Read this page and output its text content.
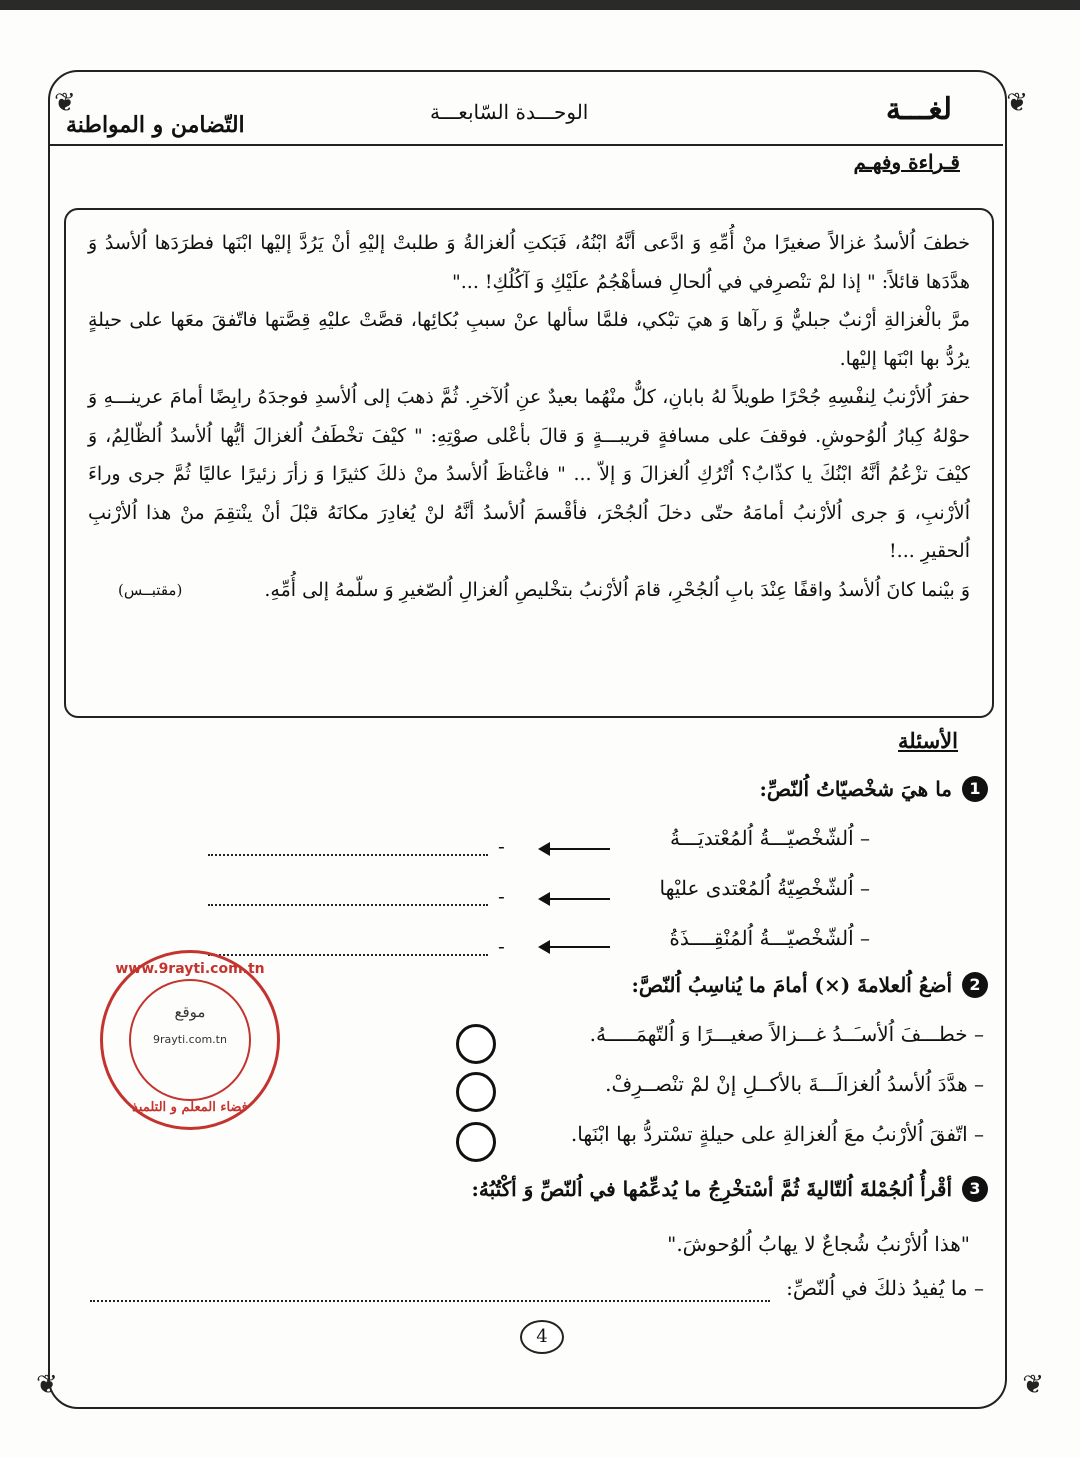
❦	❦
❦	❦
لغـــة
الوحـــدة السّابعـــة
التّضامن و المواطنة
قـراءة وفهـم

خطفَ اُلأسدُ غزالاً صغيرًا منْ أُمِّهِ وَ ادَّعى أنَّهُ ابْنُهُ، فَبَكتِ اُلغزالةُ وَ طلبتْ إليْهِ أنْ يَرُدَّ إليْها ابْنَها فطرَدَها اُلأسدُ وَ هدَّدَها قائلاً: " إذا لمْ تنْصرِفي في اُلحالِ فسأهْجُمُ علَيْكِ وَ آكُلُكِ! ..."

مرَّ بالْغزالةِ أرْنبٌ جبليٌّ وَ رآها وَ هيَ تبْكي، فلمَّا سألها عنْ سببِ بُكائِها، قصَّتْ عليْهِ قِصَّتها فاتّفقَ معَها على حيلةٍ يرُدُّ بها ابْنَها إليْها.

حفرَ اُلأرْنبُ لِنفْسِهِ جُحْرًا طويلاً لهُ بابانِ، كلٌّ منْهُما بعيدٌ عنِ اُلآخرِ. ثُمَّ ذهبَ إلى اُلأسدِ فوجدَهُ رابِضًا أمامَ عرينـــهِ وَ حوْلهُ كِبارُ اُلوُحوشِ. فوقفَ على مسافةٍ قريبـــةٍ وَ قالَ بأعْلى صوْتِهِ: " كيْفَ تخْطَفُ اُلغزالَ أيُّها اُلأسدُ اُلظّالِمُ، وَ كيْفَ تزْعُمُ أنَّهُ ابْنُكَ يا كذّابُ؟ اُتْرُكِ اُلغزالَ وَ إلاّ ... " فاغْتاظَ اُلأسدُ منْ ذلكَ كثيرًا وَ زأرَ زئيرًا عاليًا ثُمَّ جرى وراءَ اُلأرْنبِ، وَ جرى اُلأرْنبُ أمامَهُ حتّى دخلَ اُلجُحْرَ، فأقْسمَ اُلأسدُ أنَّهُ لنْ يُغادِرَ مكانَهُ قبْلَ أنْ ينْتقِمَ منْ هذا اُلأرْنبِ اُلحقيرِ ...!

وَ بيْنما كانَ اُلأسدُ واقفًا عِنْدَ بابِ اُلجُحْرِ، قامَ اُلأرْنبُ بتخْليصِ اُلغزالِ اُلصّغيرِ وَ سلّمهُ إلى أُمِّهِ.
(مقتبــس)

الأسئلة
1
ما هيَ شخْصيّاتُ اُلنّصِّ:
– اُلشّخْصيّـــةُ اُلمُعْتديَـــةُ
-
– اُلشّخْصِيّةُ اُلمُعْتدى عليْها
-
– اُلشّخْصيّـــةُ اُلمُنْقِــــذَةُ
-
2
أضعُ اُلعلامةَ (×) أمامَ ما يُناسِبُ اُلنّصَّ:
– خطـــفَ اُلأسـَــدُ غـــزالاً صغيـــرًا وَ اُلتّهمَـــــهُ.
– هدَّدَ اُلأسدُ اُلغزالَـــةَ بالأكــلِ إنْ لمْ تنْصــرِفْ.
– اتّفقَ اُلأرْنبُ معَ اُلغزالةِ على حيلةٍ تسْتردُّ بها ابْنَها.
3
أقْرأُ اُلجُمْلةَ اُلتّاليةَ ثُمَّ أسْتخْرِجُ ما يُدعِّمُها في اُلنّصِّ وَ أكْتُبُهُ:
"هذا اُلأرْنبُ شُجاعٌ لا يهابُ اُلوُحوشَ."
– ما يُفيدُ ذلكَ في اُلنّصِّ:
www.9rayti.com.tn
موقع
9rayti.com.tn
فضاء المعلم و التلميذ
4
